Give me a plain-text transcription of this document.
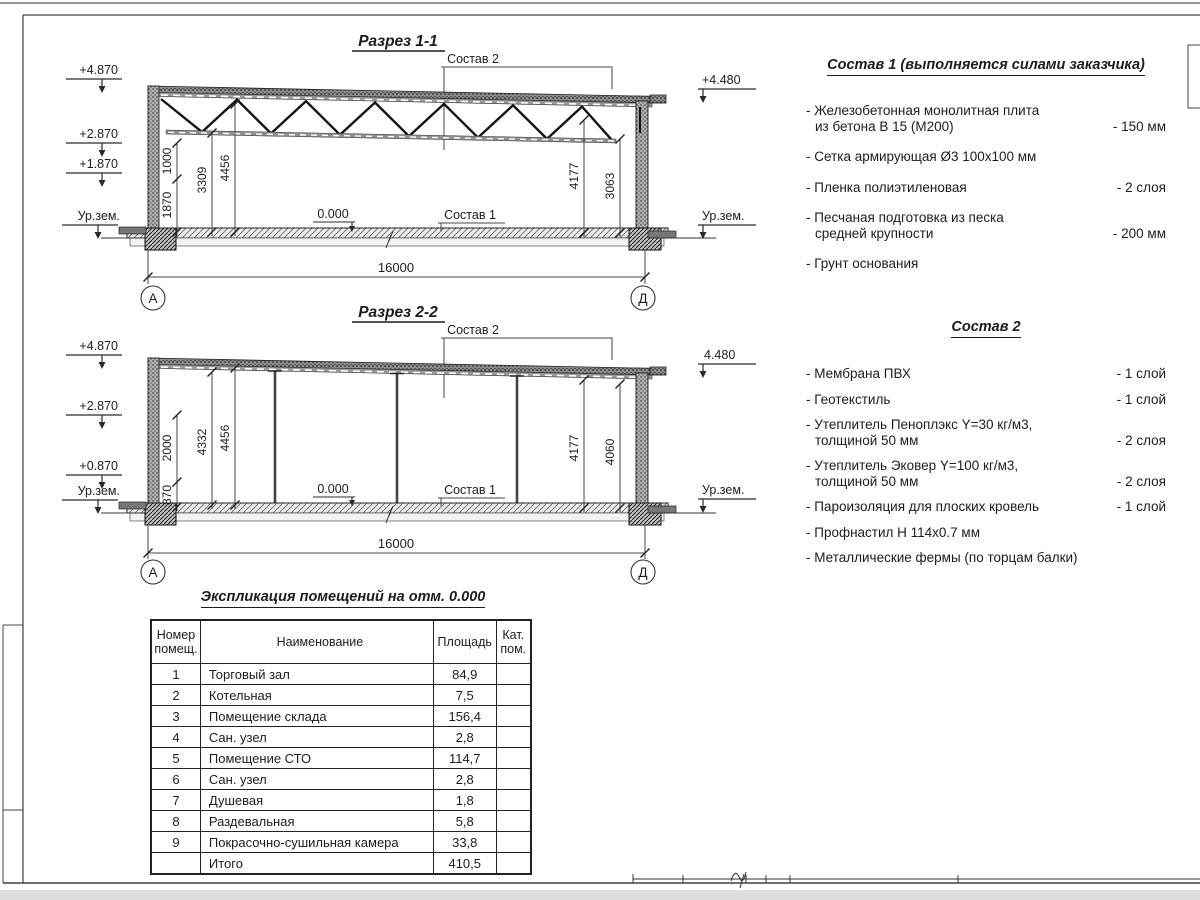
Разрез 1-1
Состав 2
+4.870
+2.870
+1.870
Ур.зем.
+4.480
Ур.зем.
1870
1000
3309 4456	4177 3063
0.000	Состав 1
16000
А	Д
Разрез 2-2
Состав 2
+4.870
+2.870
+0.870
Ур.зем.
4.480
Ур.зем.
870
2000 4332 4456	4177 4060
0.000	Состав 1
16000
А	Д
Состав 1 (выполняется силами заказчика)
- Железобетонная монолитная плита
из бетона В 15 (М200)	- 150 мм
- Сетка армирующая Ø3 100х100 мм
- Пленка полиэтиленовая	- 2 слоя
- Песчаная подготовка из песка
средней крупности	- 200 мм
- Грунт основания
Состав 2
- Мембрана ПВХ	- 1 слой
- Геотекстиль	- 1 слой
- Утеплитель Пеноплэкс Y=30 кг/м3,
толщиной 50 мм	- 2 слоя
- Утеплитель Эковер Y=100 кг/м3,
толщиной 50 мм	- 2 слоя
- Пароизоляция для плоских кровель	- 1 слой
- Профнастил Н 114х0.7 мм
- Металлические фермы (по торцам балки)
Экспликация помещений на отм. 0.000
Номер помещ.	Наименование	Площадь	Кат. пом.
1	Торговый зал	84,9	
2	Котельная	7,5	
3	Помещение склада	156,4	
4	Сан. узел	2,8	
5	Помещение СТО	114,7	
6	Сан. узел	2,8	
7	Душевая	1,8	
8	Раздевальная	5,8	
9	Покрасочно-сушильная камера	33,8	
	Итого	410,5	
